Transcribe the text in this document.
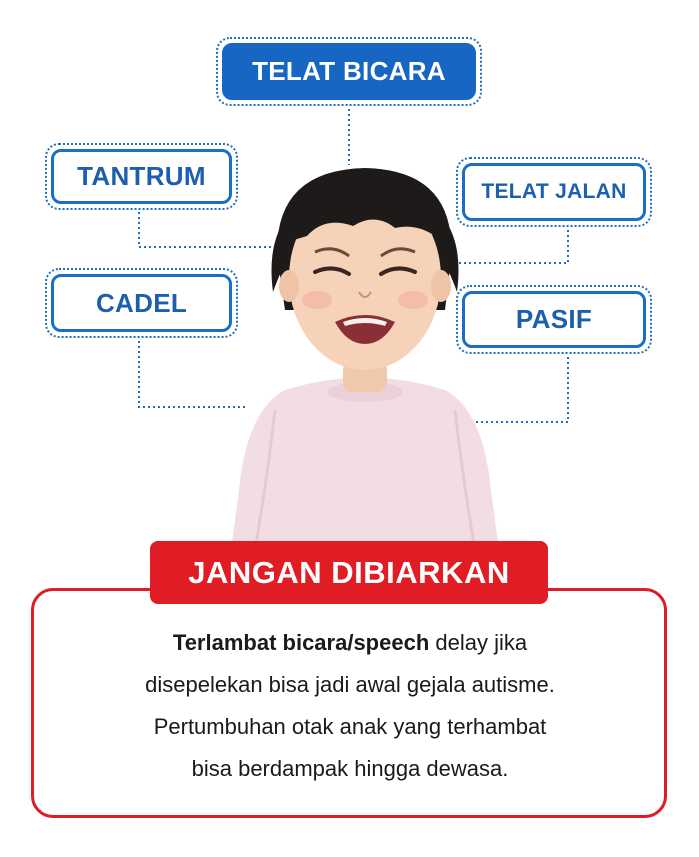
TELAT BICARA
TANTRUM
CADEL
TELAT JALAN
PASIF
JANGAN DIBIARKAN
Terlambat bicara/speech delay jika
disepelekan bisa jadi awal gejala autisme.
Pertumbuhan otak anak yang terhambat
bisa berdampak hingga dewasa.
